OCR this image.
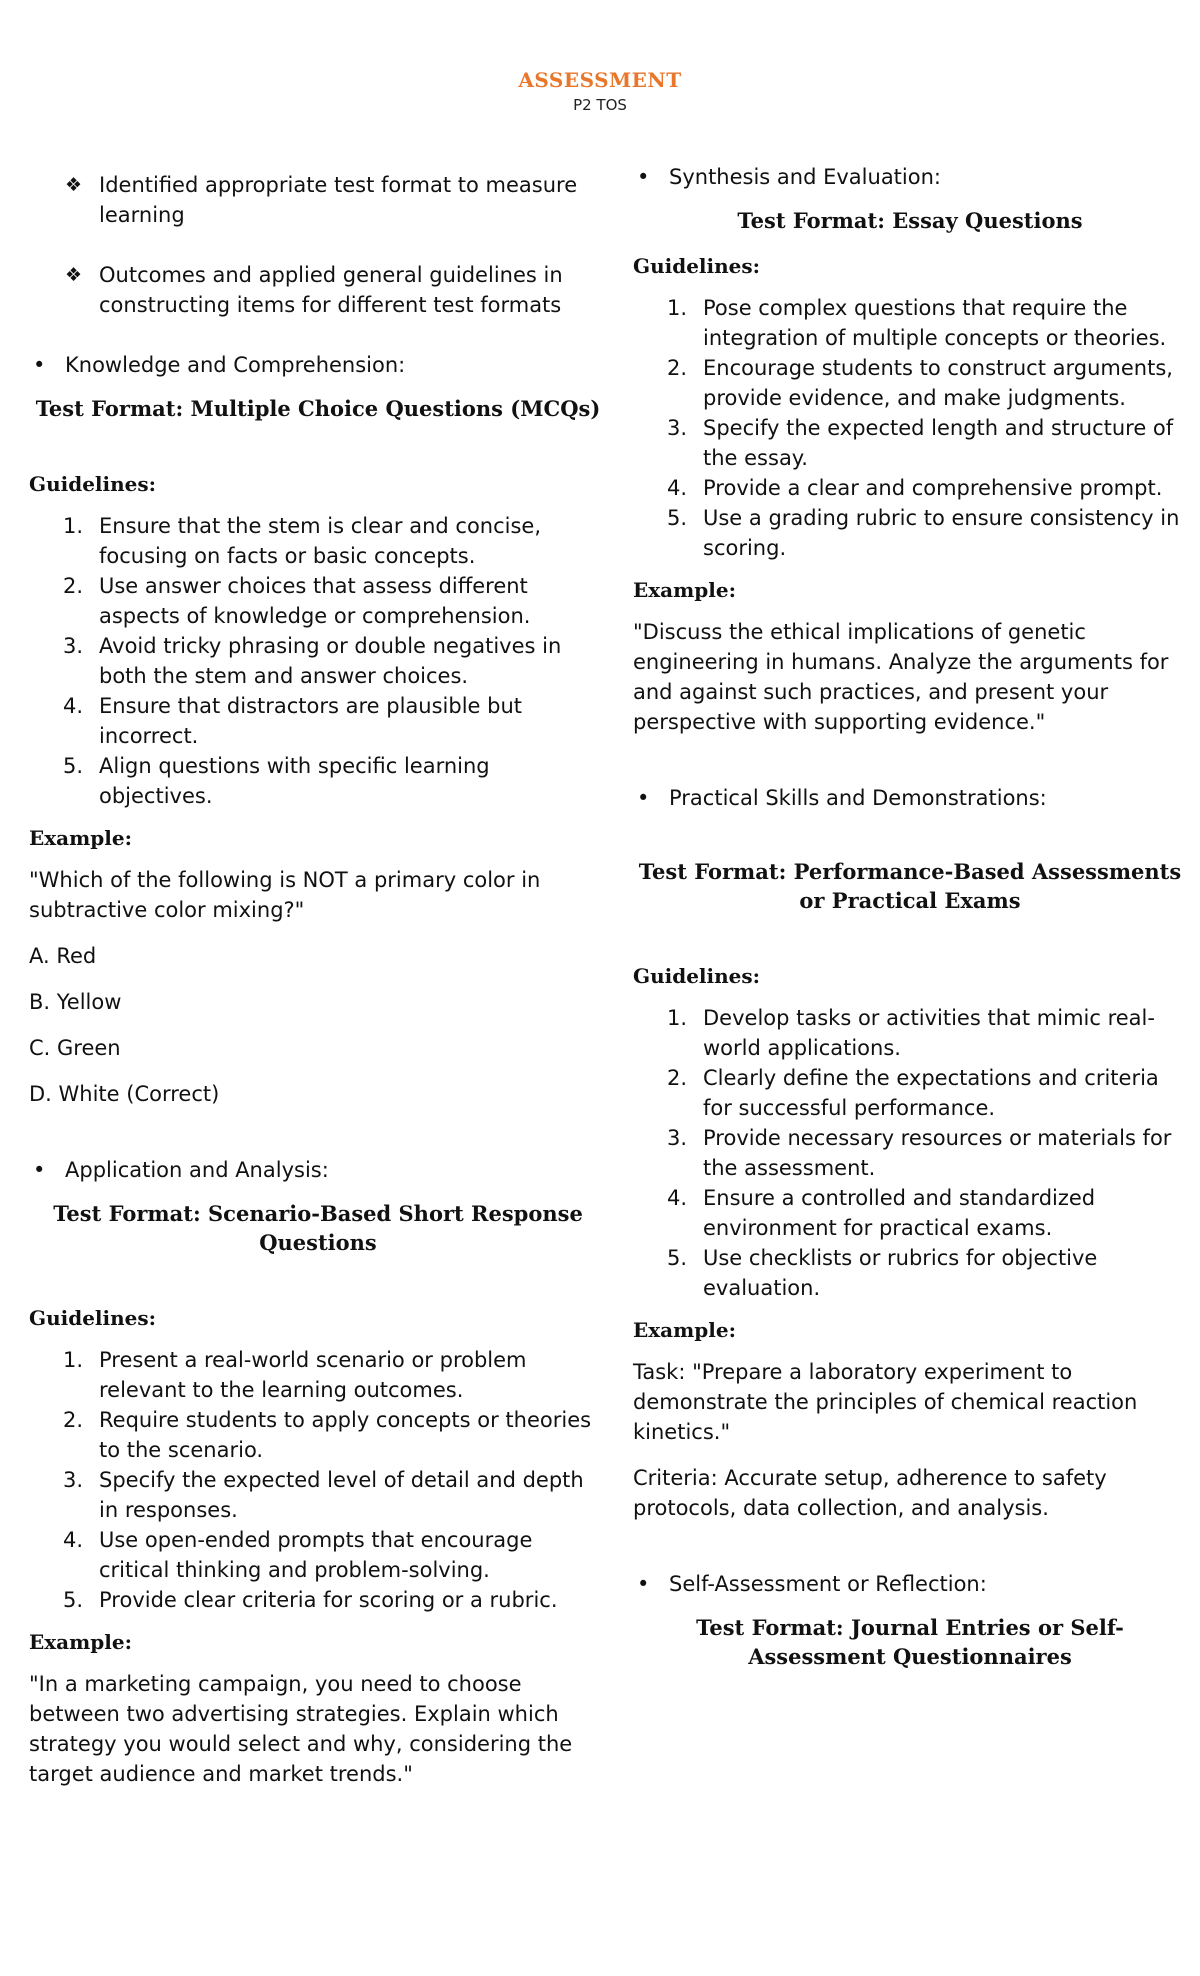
ASSESSMENT
P2 TOS
❖ Identified appropriate test format to measure learning
❖ Outcomes and applied general guidelines in constructing items for different test formats
• Knowledge and Comprehension:
Test Format: Multiple Choice Questions (MCQs)
Guidelines:
1. Ensure that the stem is clear and concise, focusing on facts or basic concepts.
2. Use answer choices that assess different aspects of knowledge or comprehension.
3. Avoid tricky phrasing or double negatives in both the stem and answer choices.
4. Ensure that distractors are plausible but incorrect.
5. Align questions with specific learning objectives.
Example:
"Which of the following is NOT a primary color in subtractive color mixing?"
A. Red
B. Yellow
C. Green
D. White (Correct)
• Application and Analysis:
Test Format: Scenario-Based Short Response Questions
Guidelines:
1. Present a real-world scenario or problem relevant to the learning outcomes.
2. Require students to apply concepts or theories to the scenario.
3. Specify the expected level of detail and depth in responses.
4. Use open-ended prompts that encourage critical thinking and problem-solving.
5. Provide clear criteria for scoring or a rubric.
Example:
"In a marketing campaign, you need to choose between two advertising strategies. Explain which strategy you would select and why, considering the target audience and market trends."
• Synthesis and Evaluation:
Test Format: Essay Questions
Guidelines:
1. Pose complex questions that require the integration of multiple concepts or theories.
2. Encourage students to construct arguments, provide evidence, and make judgments.
3. Specify the expected length and structure of the essay.
4. Provide a clear and comprehensive prompt.
5. Use a grading rubric to ensure consistency in scoring.
Example:
"Discuss the ethical implications of genetic engineering in humans. Analyze the arguments for and against such practices, and present your perspective with supporting evidence."
• Practical Skills and Demonstrations:
Test Format: Performance-Based Assessments or Practical Exams
Guidelines:
1. Develop tasks or activities that mimic real-world applications.
2. Clearly define the expectations and criteria for successful performance.
3. Provide necessary resources or materials for the assessment.
4. Ensure a controlled and standardized environment for practical exams.
5. Use checklists or rubrics for objective evaluation.
Example:
Task: "Prepare a laboratory experiment to demonstrate the principles of chemical reaction kinetics."
Criteria: Accurate setup, adherence to safety protocols, data collection, and analysis.
• Self-Assessment or Reflection:
Test Format: Journal Entries or Self-Assessment Questionnaires
